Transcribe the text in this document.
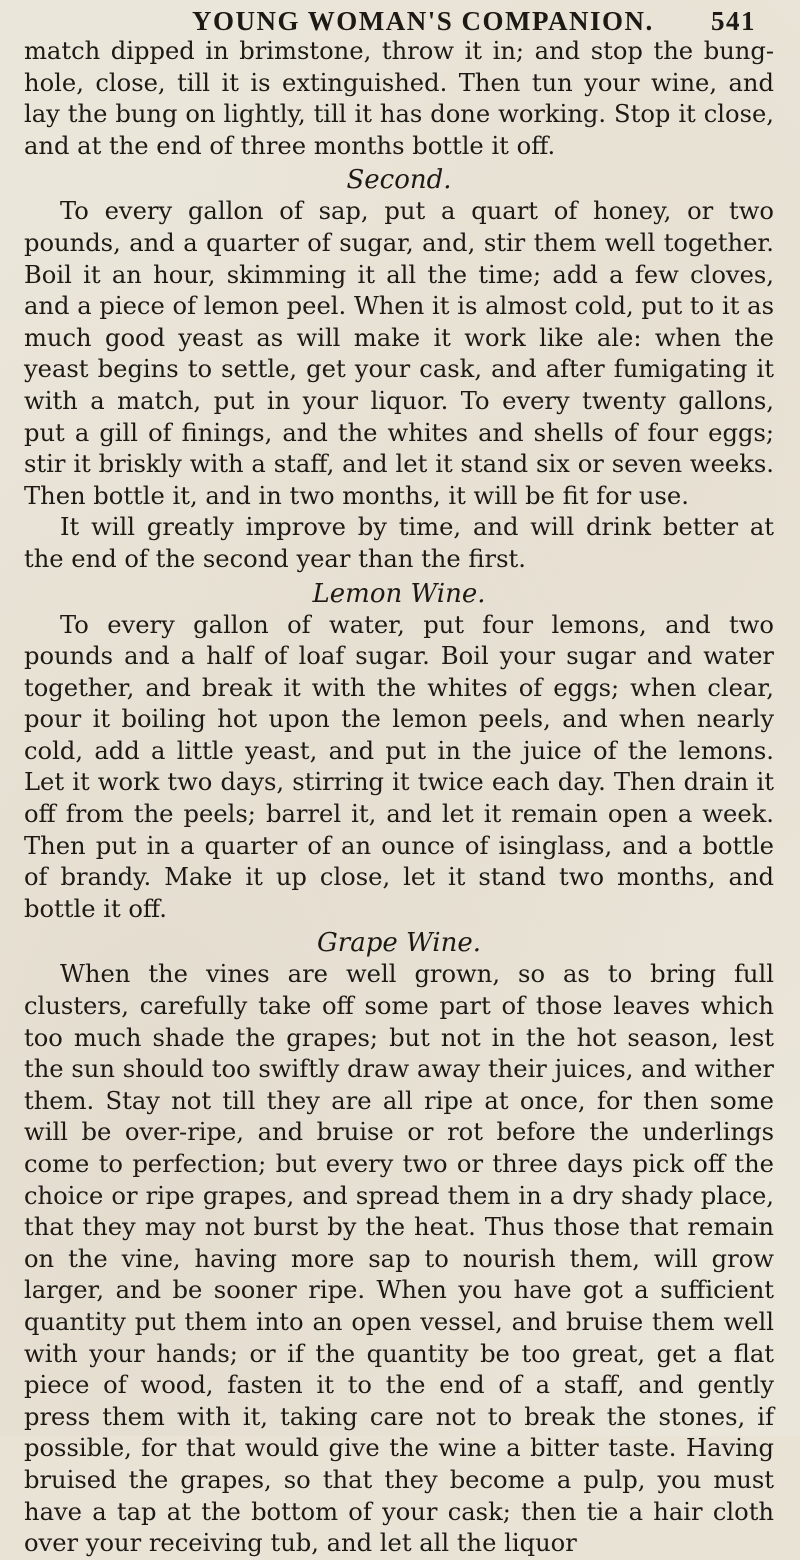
YOUNG WOMAN'S COMPANION. 541

match dipped in brimstone, throw it in; and stop the bung-hole, close, till it is extinguished. Then tun your wine, and lay the bung on lightly, till it has done working. Stop it close, and at the end of three months bottle it off.

Second.

To every gallon of sap, put a quart of honey, or two pounds, and a quarter of sugar, and, stir them well together. Boil it an hour, skimming it all the time; add a few cloves, and a piece of lemon peel. When it is almost cold, put to it as much good yeast as will make it work like ale: when the yeast begins to settle, get your cask, and after fumigating it with a match, put in your liquor. To every twenty gallons, put a gill of finings, and the whites and shells of four eggs; stir it briskly with a staff, and let it stand six or seven weeks. Then bottle it, and in two months, it will be fit for use.

It will greatly improve by time, and will drink better at the end of the second year than the first.

Lemon Wine.

To every gallon of water, put four lemons, and two pounds and a half of loaf sugar. Boil your sugar and water together, and break it with the whites of eggs; when clear, pour it boiling hot upon the lemon peels, and when nearly cold, add a little yeast, and put in the juice of the lemons. Let it work two days, stirring it twice each day. Then drain it off from the peels; barrel it, and let it remain open a week. Then put in a quarter of an ounce of isinglass, and a bottle of brandy. Make it up close, let it stand two months, and bottle it off.

Grape Wine.

When the vines are well grown, so as to bring full clusters, carefully take off some part of those leaves which too much shade the grapes; but not in the hot season, lest the sun should too swiftly draw away their juices, and wither them. Stay not till they are all ripe at once, for then some will be over-ripe, and bruise or rot before the underlings come to perfection; but every two or three days pick off the choice or ripe grapes, and spread them in a dry shady place, that they may not burst by the heat. Thus those that remain on the vine, having more sap to nourish them, will grow larger, and be sooner ripe. When you have got a sufficient quantity put them into an open vessel, and bruise them well with your hands; or if the quantity be too great, get a flat piece of wood, fasten it to the end of a staff, and gently press them with it, taking care not to break the stones, if possible, for that would give the wine a bitter taste. Having bruised the grapes, so that they become a pulp, you must have a tap at the bottom of your cask; then tie a hair cloth over your receiving tub, and let all the liquor
